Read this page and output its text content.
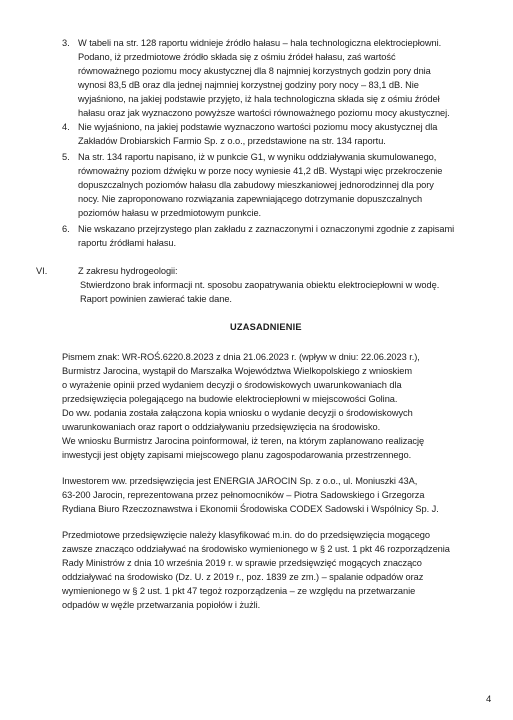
3. W tabeli na str. 128 raportu widnieje źródło hałasu – hala technologiczna elektrociepłowni.
Podano, iż przedmiotowe źródło składa się z ośmiu źródeł hałasu, zaś wartość
równoważnego poziomu mocy akustycznej dla 8 najmniej korzystnych godzin pory dnia
wynosi 83,5 dB oraz dla jednej najmniej korzystnej godziny pory nocy – 83,1 dB. Nie
wyjaśniono, na jakiej podstawie przyjęto, iż hala technologiczna składa się z ośmiu źródeł
hałasu oraz jak wyznaczono powyższe wartości równoważnego poziomu mocy akustycznej.
4. Nie wyjaśniono, na jakiej podstawie wyznaczono wartości poziomu mocy akustycznej dla
Zakładów Drobiarskich Farmio Sp. z o.o., przedstawione na str. 134 raportu.
5. Na str. 134 raportu napisano, iż w punkcie G1, w wyniku oddziaływania skumulowanego,
równoważny poziom dźwięku w porze nocy wyniesie 41,2 dB. Wystąpi więc przekroczenie
dopuszczalnych poziomów hałasu dla zabudowy mieszkaniowej jednorodzinnej dla pory
nocy. Nie zaproponowano rozwiązania zapewniającego dotrzymanie dopuszczalnych
poziomów hałasu w przedmiotowym punkcie.
6. Nie wskazano przejrzystego plan zakładu z zaznaczonymi i oznaczonymi zgodnie z zapisami
raportu źródłami hałasu.
VI.	Z zakresu hydrogeologii:
Stwierdzono brak informacji nt. sposobu zaopatrywania obiektu elektrociepłowni w wodę.
Raport powinien zawierać takie dane.
UZASADNIENIE
Pismem znak: WR-ROŚ.6220.8.2023 z dnia 21.06.2023 r. (wpływ w dniu: 22.06.2023 r.),
Burmistrz Jarocina, wystąpił do Marszałka Województwa Wielkopolskiego z wnioskiem
o wyrażenie opinii przed wydaniem decyzji o środowiskowych uwarunkowaniach dla
przedsięwzięcia polegającego na budowie elektrociepłowni w miejscowości Golina.
Do ww. podania została załączona kopia wniosku o wydanie decyzji o środowiskowych
uwarunkowaniach oraz raport o oddziaływaniu przedsięwzięcia na środowisko.
We wniosku Burmistrz Jarocina poinformował, iż teren, na którym zaplanowano realizację
inwestycji jest objęty zapisami miejscowego planu zagospodarowania przestrzennego.
Inwestorem ww. przedsięwzięcia jest ENERGIA JAROCIN Sp. z o.o., ul. Moniuszki 43A,
63-200 Jarocin, reprezentowana przez pełnomocników – Piotra Sadowskiego i Grzegorza
Rydiana Biuro Rzeczoznawstwa i Ekonomii Środowiska CODEX Sadowski i Wspólnicy Sp. J.
Przedmiotowe przedsięwzięcie należy klasyfikować m.in. do do przedsięwzięcia mogącego
zawsze znacząco oddziaływać na środowisko wymienionego w § 2 ust. 1 pkt 46 rozporządzenia
Rady Ministrów z dnia 10 września 2019 r. w sprawie przedsięwzięć mogących znacząco
oddziaływać na środowisko (Dz. U. z 2019 r., poz. 1839 ze zm.) – spalanie odpadów oraz
wymienionego w § 2 ust. 1 pkt 47 tegoż rozporządzenia – ze względu na przetwarzanie
odpadów w węźle przetwarzania popiołów i żużli.
4
